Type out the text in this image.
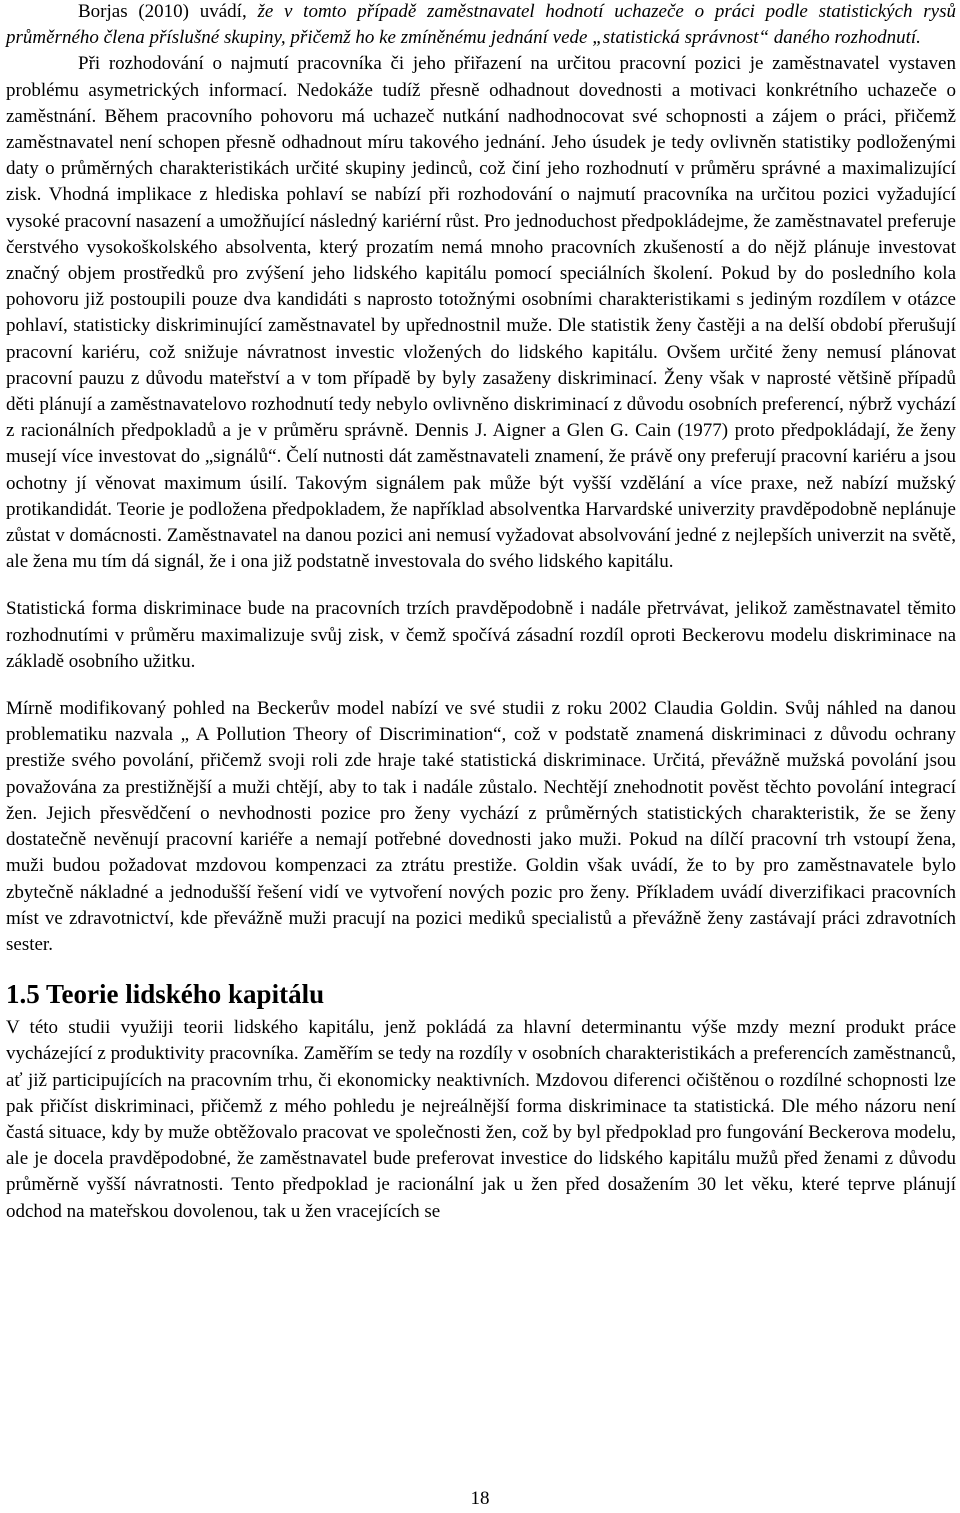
Borjas (2010) uvádí, že v tomto případě zaměstnavatel hodnotí uchazeče o práci podle statistických rysů průměrného člena příslušné skupiny, přičemž ho ke zmíněnému jednání vede „statistická správnost“ daného rozhodnutí.

Při rozhodování o najmutí pracovníka či jeho přiřazení na určitou pracovní pozici je zaměstnavatel vystaven problému asymetrických informací. Nedokáže tudíž přesně odhadnout dovednosti a motivaci konkrétního uchazeče o zaměstnání. Během pracovního pohovoru má uchazeč nutkání nadhodnocovat své schopnosti a zájem o práci, přičemž zaměstnavatel není schopen přesně odhadnout míru takového jednání. Jeho úsudek je tedy ovlivněn statistiky podloženými daty o průměrných charakteristikách určité skupiny jedinců, což činí jeho rozhodnutí v průměru správné a maximalizující zisk. Vhodná implikace z hlediska pohlaví se nabízí při rozhodování o najmutí pracovníka na určitou pozici vyžadující vysoké pracovní nasazení a umožňující následný kariérní růst. Pro jednoduchost předpokládejme, že zaměstnavatel preferuje čerstvého vysokoškolského absolventa, který prozatím nemá mnoho pracovních zkušeností a do nějž plánuje investovat značný objem prostředků pro zvýšení jeho lidského kapitálu pomocí speciálních školení. Pokud by do posledního kola pohovoru již postoupili pouze dva kandidáti s naprosto totožnými osobními charakteristikami s jediným rozdílem v otázce pohlaví, statisticky diskriminující zaměstnavatel by upřednostnil muže. Dle statistik ženy častěji a na delší období přerušují pracovní kariéru, což snižuje návratnost investic vložených do lidského kapitálu. Ovšem určité ženy nemusí plánovat pracovní pauzu z důvodu mateřství a v tom případě by byly zasaženy diskriminací. Ženy však v naprosté většině případů děti plánují a zaměstnavatelovo rozhodnutí tedy nebylo ovlivněno diskriminací z důvodu osobních preferencí, nýbrž vychází z racionálních předpokladů a je v průměru správně. Dennis J. Aigner a Glen G. Cain (1977) proto předpokládají, že ženy musejí více investovat do „signálů“. Čelí nutnosti dát zaměstnavateli znamení, že právě ony preferují pracovní kariéru a jsou ochotny jí věnovat maximum úsilí. Takovým signálem pak může být vyšší vzdělání a více praxe, než nabízí mužský protikandidát. Teorie je podložena předpokladem, že například absolventka Harvardské univerzity pravděpodobně neplánuje zůstat v domácnosti. Zaměstnavatel na danou pozici ani nemusí vyžadovat absolvování jedné z nejlepších univerzit na světě, ale žena mu tím dá signál, že i ona již podstatně investovala do svého lidského kapitálu.

Statistická forma diskriminace bude na pracovních trzích pravděpodobně i nadále přetrvávat, jelikož zaměstnavatel těmito rozhodnutími v průměru maximalizuje svůj zisk, v čemž spočívá zásadní rozdíl oproti Beckerovu modelu diskriminace na základě osobního užitku.

Mírně modifikovaný pohled na Beckerův model nabízí ve své studii z roku 2002 Claudia Goldin. Svůj náhled na danou problematiku nazvala „ A Pollution Theory of Discrimination“, což v podstatě znamená diskriminaci z důvodu ochrany prestiže svého povolání, přičemž svoji roli zde hraje také statistická diskriminace. Určitá, převážně mužská povolání jsou považována za prestižnější a muži chtějí, aby to tak i nadále zůstalo. Nechtějí znehodnotit pověst těchto povolání integrací žen. Jejich přesvědčení o nevhodnosti pozice pro ženy vychází z průměrných statistických charakteristik, že se ženy dostatečně nevěnují pracovní kariéře a nemají potřebné dovednosti jako muži. Pokud na dílčí pracovní trh vstoupí žena, muži budou požadovat mzdovou kompenzaci za ztrátu prestiže. Goldin však uvádí, že to by pro zaměstnavatele bylo zbytečně nákladné a jednodušší řešení vidí ve vytvoření nových pozic pro ženy. Příkladem uvádí diverzifikaci pracovních míst ve zdravotnictví, kde převážně muži pracují na pozici mediků specialistů a převážně ženy zastávají práci zdravotních sester.

1.5 Teorie lidského kapitálu

V této studii využiji teorii lidského kapitálu, jenž pokládá za hlavní determinantu výše mzdy mezní produkt práce vycházející z produktivity pracovníka. Zaměřím se tedy na rozdíly v osobních charakteristikách a preferencích zaměstnanců, ať již participujících na pracovním trhu, či ekonomicky neaktivních. Mzdovou diferenci očištěnou o rozdílné schopnosti lze pak přičíst diskriminaci, přičemž z mého pohledu je nejreálnější forma diskriminace ta statistická. Dle mého názoru není častá situace, kdy by muže obtěžovalo pracovat ve společnosti žen, což by byl předpoklad pro fungování Beckerova modelu, ale je docela pravděpodobné, že zaměstnavatel bude preferovat investice do lidského kapitálu mužů před ženami z důvodu průměrně vyšší návratnosti. Tento předpoklad je racionální jak u žen před dosažením 30 let věku, které teprve plánují odchod na mateřskou dovolenou, tak u žen vracejících se

18
